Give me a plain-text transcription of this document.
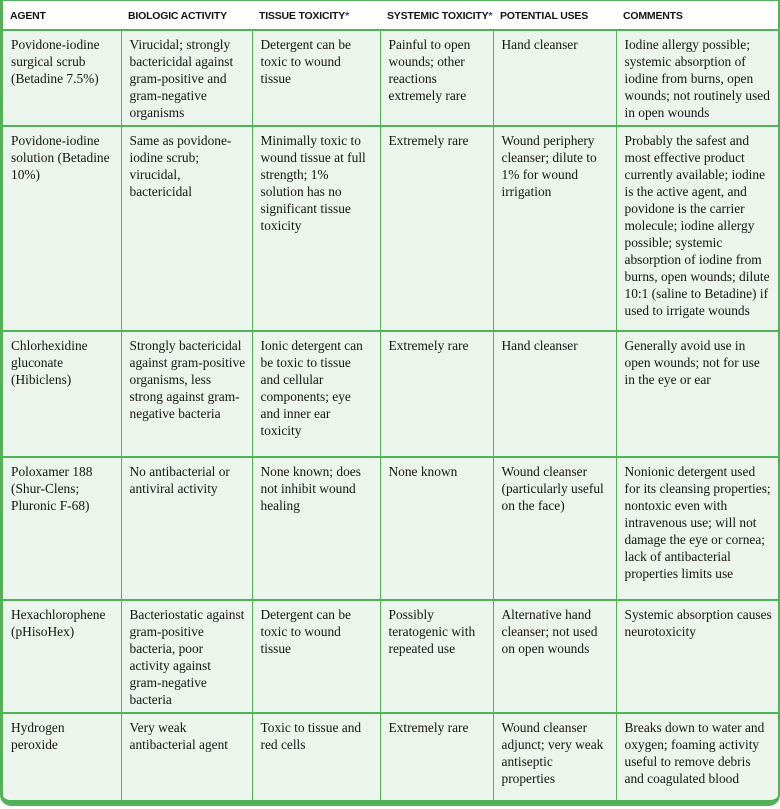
AGENT	BIOLOGIC ACTIVITY	TISSUE TOXICITY*	SYSTEMIC TOXICITY*	POTENTIAL USES	COMMENTS
Povidone-iodine surgical scrub (Betadine 7.5%)	Virucidal; strongly bactericidal against gram-positive and gram-negative organisms	Detergent can be toxic to wound tissue	Painful to open wounds; other reactions extremely rare	Hand cleanser	Iodine allergy possible; systemic absorption of iodine from burns, open wounds; not routinely used in open wounds
Povidone-iodine solution (Betadine 10%)	Same as povidone-iodine scrub; virucidal, bactericidal	Minimally toxic to wound tissue at full strength; 1% solution has no significant tissue toxicity	Extremely rare	Wound periphery cleanser; dilute to 1% for wound irrigation	Probably the safest and most effective product currently available; iodine is the active agent, and povidone is the carrier molecule; iodine allergy possible; systemic absorption of iodine from burns, open wounds; dilute 10:1 (saline to Betadine) if used to irrigate wounds
Chlorhexidine gluconate (Hibiclens)	Strongly bactericidal against gram-positive organisms, less strong against gram-negative bacteria	Ionic detergent can be toxic to tissue and cellular components; eye and inner ear toxicity	Extremely rare	Hand cleanser	Generally avoid use in open wounds; not for use in the eye or ear
Poloxamer 188 (Shur-Clens; Pluronic F-68)	No antibacterial or antiviral activity	None known; does not inhibit wound healing	None known	Wound cleanser (particularly useful on the face)	Nonionic detergent used for its cleansing properties; nontoxic even with intravenous use; will not damage the eye or cornea; lack of antibacterial properties limits use
Hexachlorophene (pHisoHex)	Bacteriostatic against gram-positive bacteria, poor activity against gram-negative bacteria	Detergent can be toxic to wound tissue	Possibly teratogenic with repeated use	Alternative hand cleanser; not used on open wounds	Systemic absorption causes neurotoxicity
Hydrogen peroxide	Very weak antibacterial agent	Toxic to tissue and red cells	Extremely rare	Wound cleanser adjunct; very weak antiseptic properties	Breaks down to water and oxygen; foaming activity useful to remove debris and coagulated blood
